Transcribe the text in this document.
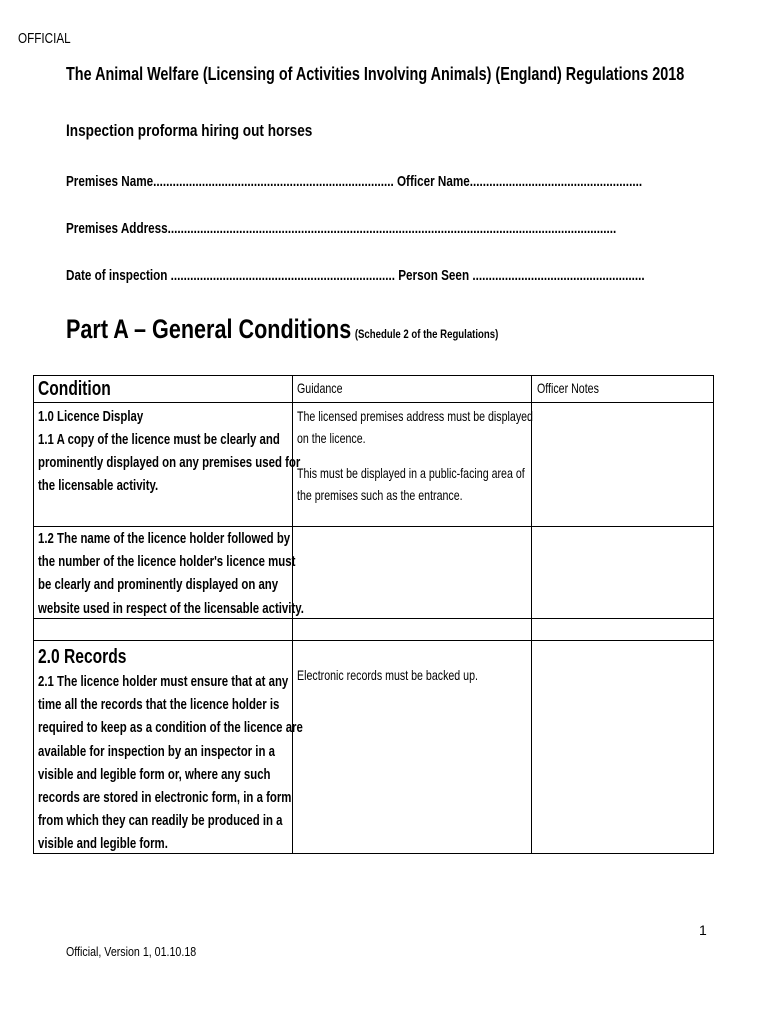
OFFICIAL
The Animal Welfare (Licensing of Activities Involving Animals) (England) Regulations 2018
Inspection proforma hiring out horses
Premises Name.......................................................................... Officer Name.....................................................
Premises Address..........................................................................................................................................
Date of inspection ..................................................................... Person Seen .....................................................
Part A – General Conditions (Schedule 2 of the Regulations)
Condition	Guidance	Officer Notes
1.0 Licence Display
1.1 A copy of the licence must be clearly and
prominently displayed on any premises used for
the licensable activity.
The licensed premises address must be displayed
on the licence.
This must be displayed in a public-facing area of
the premises such as the entrance.
1.2 The name of the licence holder followed by
the number of the licence holder's licence must
be clearly and prominently displayed on any
website used in respect of the licensable activity.
2.0 Records
2.1 The licence holder must ensure that at any
time all the records that the licence holder is
required to keep as a condition of the licence are
available for inspection by an inspector in a
visible and legible form or, where any such
records are stored in electronic form, in a form
from which they can readily be produced in a
visible and legible form.
Electronic records must be backed up.
1
Official, Version 1, 01.10.18
